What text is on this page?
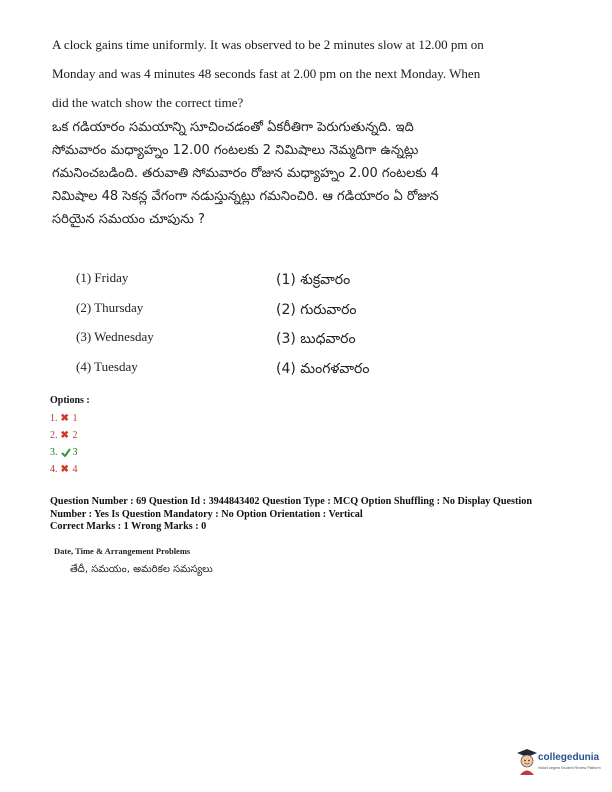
A clock gains time uniformly. It was observed to be 2 minutes slow at 12.00 pm on
Monday and was 4 minutes 48 seconds fast at 2.00 pm on the next Monday. When
did the watch show the correct time?
ఒక గడియారం సమయాన్ని సూచించడంతో ఏకరీతిగా పెరుగుతున్నది. ఇది
సోమవారం మధ్యాహ్నం 12.00 గంటలకు 2 నిమిషాలు నెమ్మదిగా ఉన్నట్లు
గమనించబడింది. తరువాతి సోమవారం రోజున మధ్యాహ్నం 2.00 గంటలకు 4
నిమిషాల 48 సెకన్ల వేగంగా నడుస్తున్నట్లు గమనించిరి. ఆ గడియారం ఏ రోజున
సరియైన సమయం చూపును ?
(1) Friday
(2) Thursday
(3) Wednesday
(4) Tuesday
(1) శుక్రవారం
(2) గురువారం
(3) బుధవారం
(4) మంగళవారం
Options :
1. ✖ 1
2. ✖ 2
3. 3
4. ✖ 4
Question Number : 69 Question Id : 3944843402 Question Type : MCQ Option Shuffling : No Display Question
Number : Yes Is Question Mandatory : No Option Orientation : Vertical
Correct Marks : 1 Wrong Marks : 0
Date, Time & Arrangement Problems
తేదీ, సమయం, అమరికల సమస్యలు
collegedunia
India's largest Student Review Platform
